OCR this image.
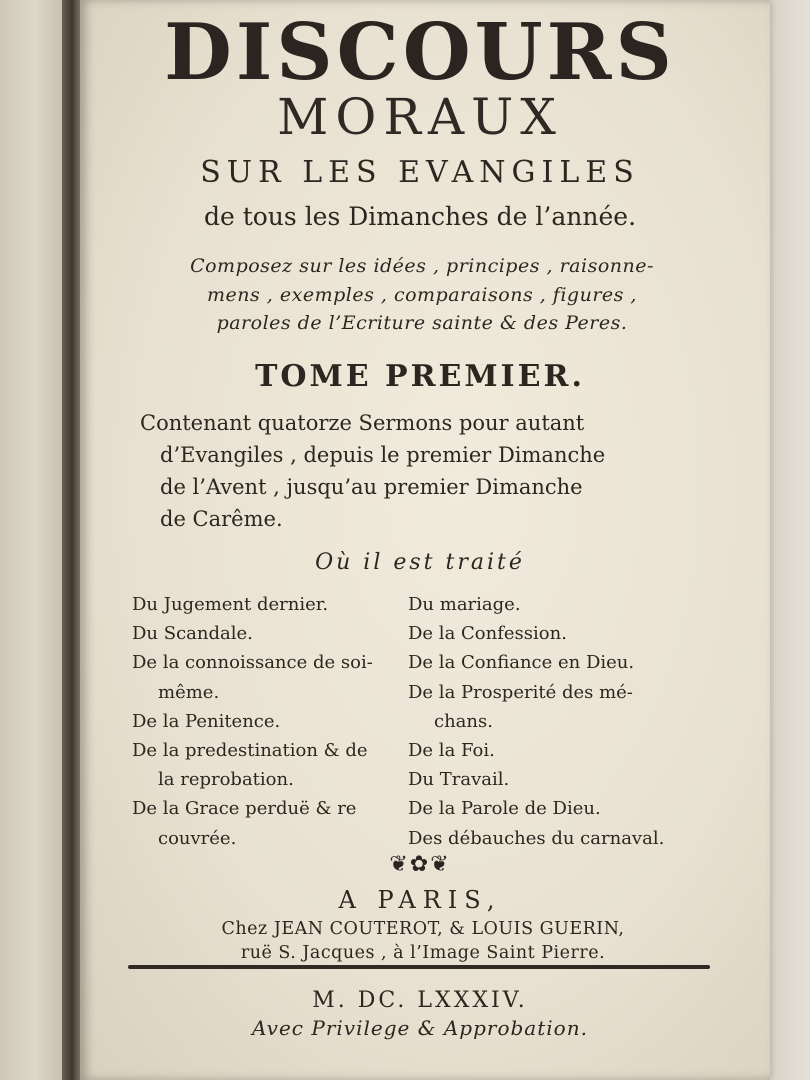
DISCOURS
MORAUX
SUR LES EVANGILES
de tous les Dimanches de l’année.
Composez sur les idées , principes , raisonne-
mens , exemples , comparaisons , figures ,
paroles de l’Ecriture sainte & des Peres.
TOME PREMIER.
Contenant quatorze Sermons pour autant
d’Evangiles , depuis le premier Dimanche
de l’Avent , jusqu’au premier Dimanche
de Carême.
Où il est traité
Du Jugement dernier.
Du Scandale.
De la connoissance de soi-
même.
De la Penitence.
De la predestination & de
la reprobation.
De la Grace perduë & re
couvrée.
Du mariage.
De la Confession.
De la Confiance en Dieu.
De la Prosperité des mé-
chans.
De la Foi.
Du Travail.
De la Parole de Dieu.
Des débauches du carnaval.
❦✿❦
A PARIS,
Chez JEAN COUTEROT, & LOUIS GUERIN,
ruë S. Jacques , à l’Image Saint Pierre.
M. DC. LXXXIV.
Avec Privilege & Approbation.
